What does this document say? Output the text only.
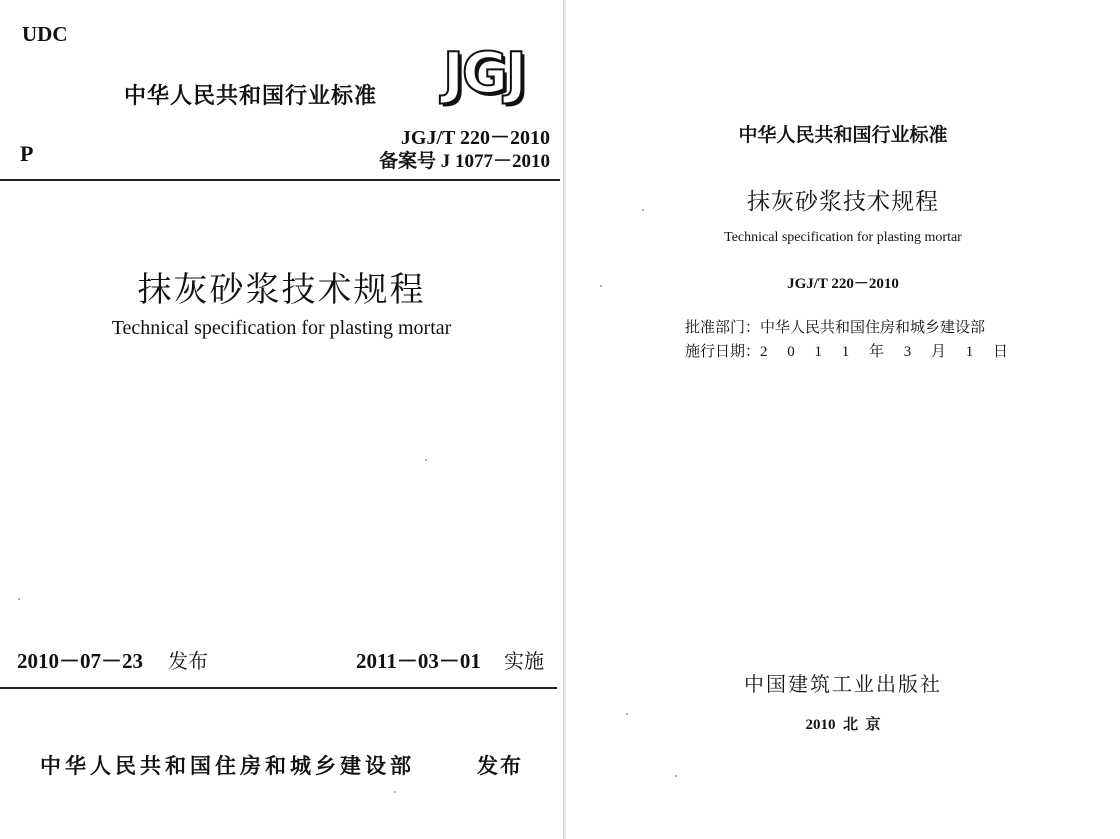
UDC
中华人民共和国行业标准 JGJ
P
JGJ/T 220－2010
备案号 J 1077－2010
抹灰砂浆技术规程
Technical specification for plasting mortar
2010－07－23 发布	2011－03－01 实施
中华人民共和国住房和城乡建设部	发布
中华人民共和国行业标准
抹灰砂浆技术规程
Technical specification for plasting mortar
JGJ/T 220－2010
批准部门：中华人民共和国住房和城乡建设部
施行日期：2 0 1 1 年 3 月 1 日
中国建筑工业出版社
2010  北  京
